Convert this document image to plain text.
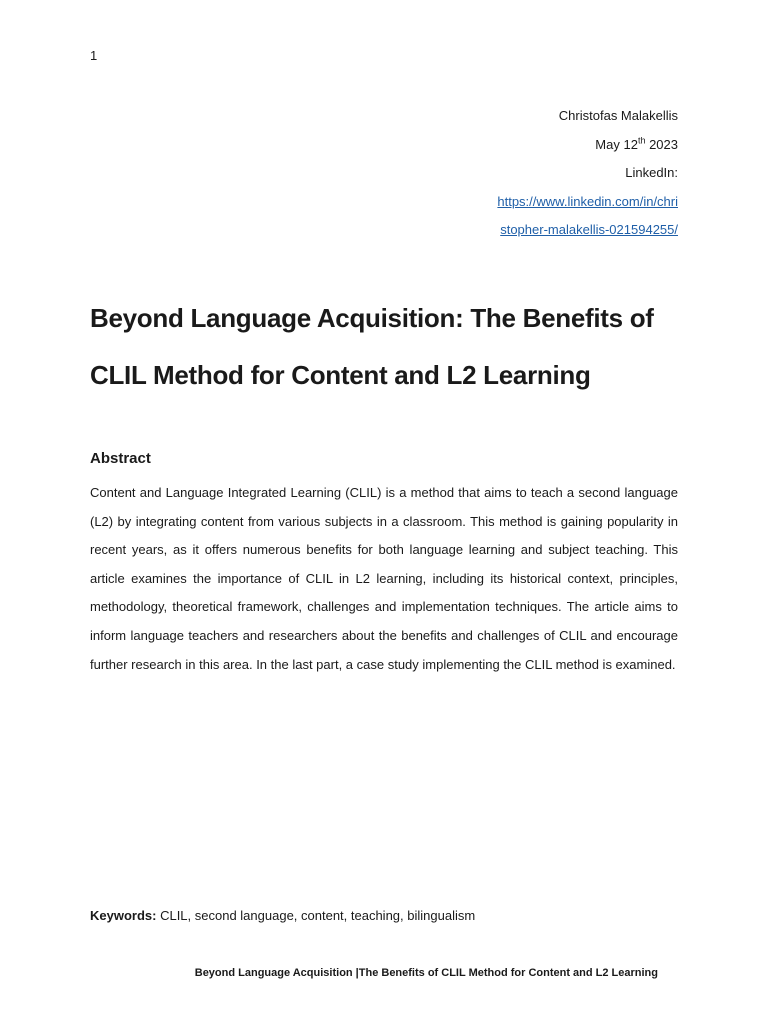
1
Christofas Malakellis
May 12th 2023
LinkedIn:
https://www.linkedin.com/in/chri
stopher-malakellis-021594255/
Beyond Language Acquisition: The Benefits of CLIL Method for Content and L2 Learning
Abstract

Content and Language Integrated Learning (CLIL) is a method that aims to teach a second language (L2) by integrating content from various subjects in a classroom. This method is gaining popularity in recent years, as it offers numerous benefits for both language learning and subject teaching. This article examines the importance of CLIL in L2 learning, including its historical context, principles, methodology, theoretical framework, challenges and implementation techniques. The article aims to inform language teachers and researchers about the benefits and challenges of CLIL and encourage further research in this area. In the last part, a case study implementing the CLIL method is examined.

Keywords: CLIL, second language, content, teaching, bilingualism
Beyond Language Acquisition |The Benefits of CLIL Method for Content and L2 Learning
